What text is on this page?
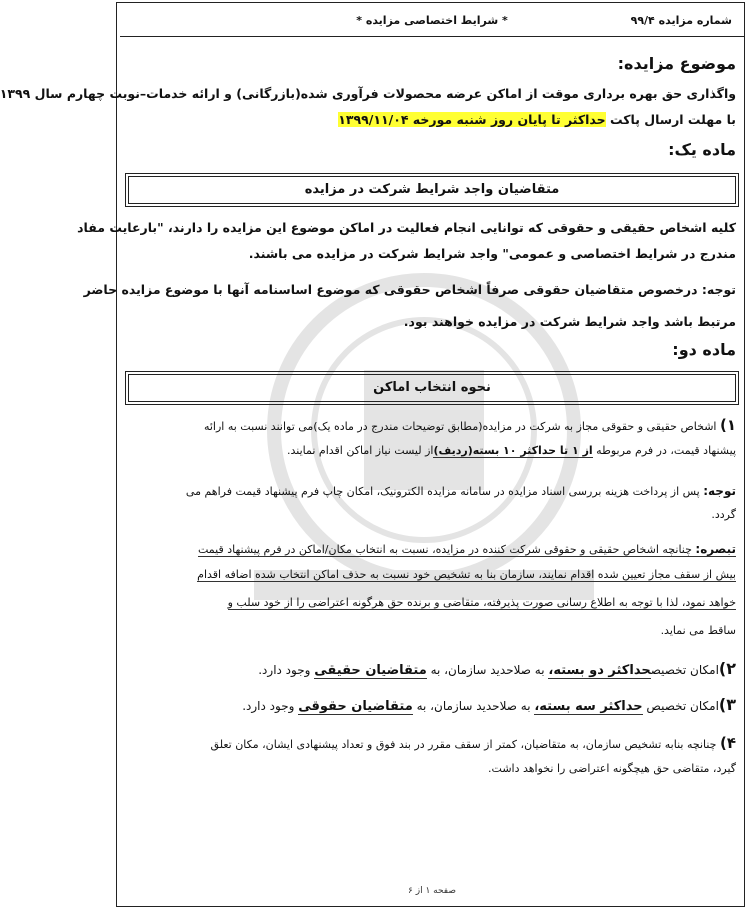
شماره مزایده ۹۹/۴
* شرایط اختصاصی مزایده *
موضوع مزایده:
واگذاری حق بهره برداری موقت از اماکن عرضه محصولات فرآوری شده(بازرگانی) و ارائه خدمات–نوبت چهارم سال ۱۳۹۹
با مهلت ارسال پاکت حداکثر تا پایان روز شنبه مورخه ۱۳۹۹/۱۱/۰۴
ماده یک:
متقاضیان واجد شرایط شرکت در مزایده
کلیه اشخاص حقیقی و حقوقی که توانایی انجام فعالیت در اماکن موضوع این مزایده را دارند، "بارعایت مفاد
مندرج در شرایط اختصاصی و عمومی" واجد شرایط شرکت در مزایده می باشند.
توجه: درخصوص متقاضیان حقوقی صرفاً اشخاص حقوقی که موضوع اساسنامه آنها با موضوع مزایده حاضر
مرتبط باشد واجد شرایط شرکت در مزایده خواهند بود.
ماده دو:
نحوه انتخاب اماکن
۱) اشخاص حقیقی و حقوقی مجاز به شرکت در مزایده(مطابق توضیحات مندرج در ماده یک)می توانند نسبت به ارائه
پیشنهاد قیمت، در فرم مربوطه از ۱ تا حداکثر ۱۰ بسته(ردیف)از لیست نیاز اماکن اقدام نمایند.
توجه: پس از پرداخت هزینه بررسی اسناد مزایده در سامانه مزایده الکترونیک، امکان چاپ فرم پیشنهاد قیمت فراهم می
گردد.
تبصره: چنانچه اشخاص حقیقی و حقوقی شرکت کننده در مزایده، نسبت به انتخاب مکان/اماکن در فرم پیشنهاد قیمت
بیش از سقف مجاز تعیین شده اقدام نمایند، سازمان بنا به تشخیص خود نسبت به حذف اماکن انتخاب شده اضافه اقدام
خواهد نمود، لذا با توجه به اطلاع رسانی صورت پذیرفته، متقاضی و برنده حق هرگونه اعتراضی را از خود سلب و
ساقط می نماید.
۲)امکان تخصیصحداکثر دو بسته، به صلاحدید سازمان، به متقاضیان حقیقی وجود دارد.
۳)امکان تخصیص حداکثر سه بسته، به صلاحدید سازمان، به متقاضیان حقوقی وجود دارد.
۴) چنانچه بنابه تشخیص سازمان، به متقاضیان، کمتر از سقف مقرر در بند فوق و تعداد پیشنهادی ایشان، مکان تعلق
گیرد، متقاضی حق هیچگونه اعتراضی را نخواهد داشت.
صفحه ۱ از ۶
